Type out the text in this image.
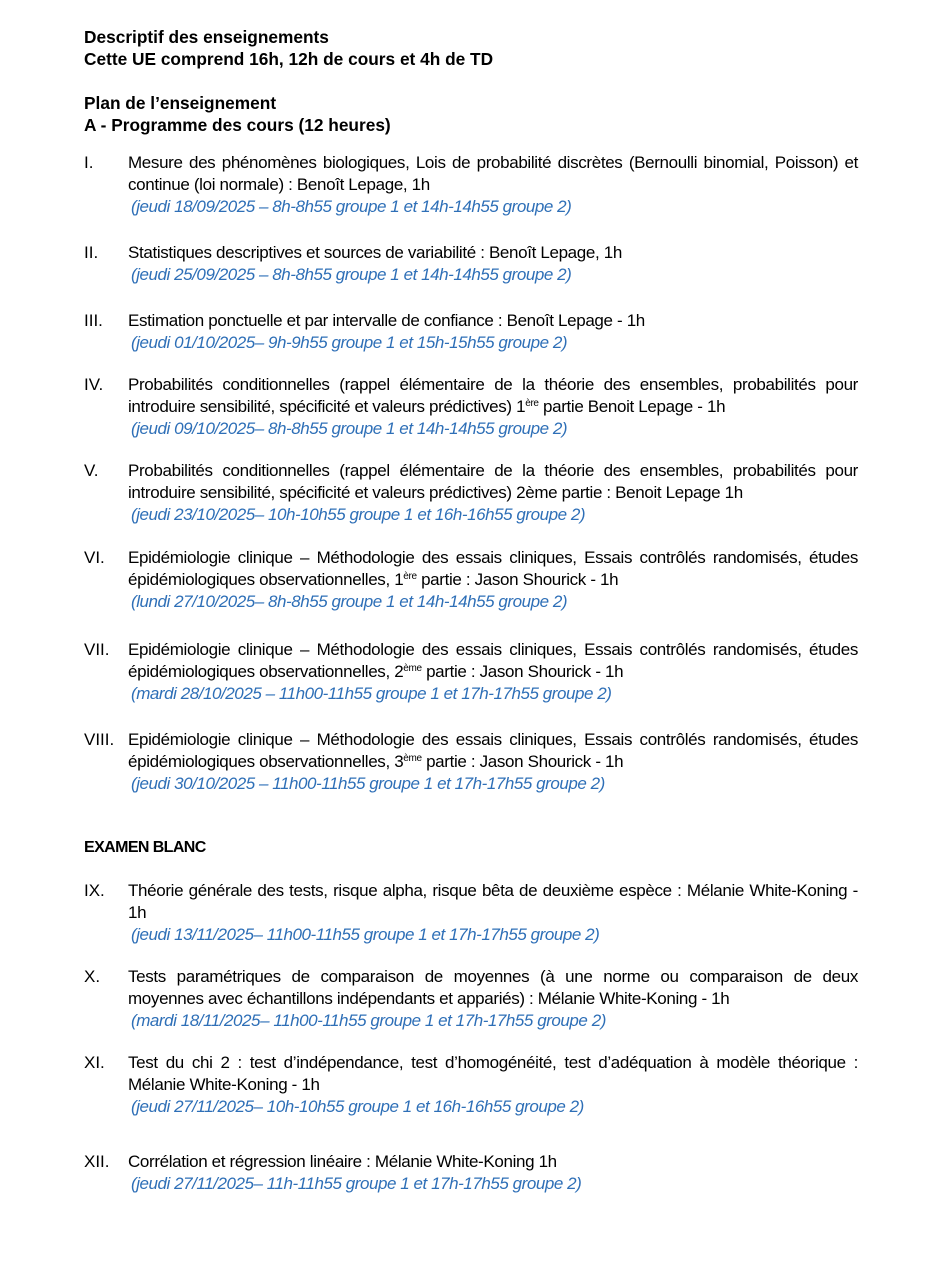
Descriptif des enseignements

Cette UE comprend 16h, 12h de cours et 4h de TD

Plan de l’enseignement

A - Programme des cours (12 heures)

I. Mesure des phénomènes biologiques, Lois de probabilité discrètes (Bernoulli binomial, Poisson) et continue (loi normale) : Benoît Lepage, 1h
(jeudi 18/09/2025 – 8h-8h55 groupe 1 et 14h-14h55 groupe 2)
II. Statistiques descriptives et sources de variabilité : Benoît Lepage, 1h
(jeudi 25/09/2025 – 8h-8h55 groupe 1 et 14h-14h55 groupe 2)
III. Estimation ponctuelle et par intervalle de confiance : Benoît Lepage - 1h
(jeudi 01/10/2025– 9h-9h55 groupe 1 et 15h-15h55 groupe 2)
IV. Probabilités conditionnelles (rappel élémentaire de la théorie des ensembles, probabilités pour introduire sensibilité, spécificité et valeurs prédictives) 1ère partie Benoit Lepage - 1h
(jeudi 09/10/2025– 8h-8h55 groupe 1 et 14h-14h55 groupe 2)
V. Probabilités conditionnelles (rappel élémentaire de la théorie des ensembles, probabilités pour introduire sensibilité, spécificité et valeurs prédictives) 2ème partie : Benoit Lepage 1h
(jeudi 23/10/2025– 10h-10h55 groupe 1 et 16h-16h55 groupe 2)
VI. Epidémiologie clinique – Méthodologie des essais cliniques, Essais contrôlés randomisés, études épidémiologiques observationnelles, 1ère partie : Jason Shourick - 1h
(lundi 27/10/2025– 8h-8h55 groupe 1 et 14h-14h55 groupe 2)
VII. Epidémiologie clinique – Méthodologie des essais cliniques, Essais contrôlés randomisés, études épidémiologiques observationnelles, 2ème partie : Jason Shourick - 1h
(mardi 28/10/2025 – 11h00-11h55 groupe 1 et 17h-17h55 groupe 2)
VIII. Epidémiologie clinique – Méthodologie des essais cliniques, Essais contrôlés randomisés, études épidémiologiques observationnelles, 3ème partie : Jason Shourick - 1h
(jeudi 30/10/2025 – 11h00-11h55 groupe 1 et 17h-17h55 groupe 2)

EXAMEN BLANC

IX. Théorie générale des tests, risque alpha, risque bêta de deuxième espèce : Mélanie White-Koning - 1h
(jeudi 13/11/2025– 11h00-11h55 groupe 1 et 17h-17h55 groupe 2)
X. Tests paramétriques de comparaison de moyennes (à une norme ou comparaison de deux moyennes avec échantillons indépendants et appariés) : Mélanie White-Koning - 1h
(mardi 18/11/2025– 11h00-11h55 groupe 1 et 17h-17h55 groupe 2)
XI. Test du chi 2 : test d’indépendance, test d’homogénéité, test d’adéquation à modèle théorique : Mélanie White-Koning - 1h
(jeudi 27/11/2025– 10h-10h55 groupe 1 et 16h-16h55 groupe 2)
XII. Corrélation et régression linéaire : Mélanie White-Koning 1h
(jeudi 27/11/2025– 11h-11h55 groupe 1 et 17h-17h55 groupe 2)
